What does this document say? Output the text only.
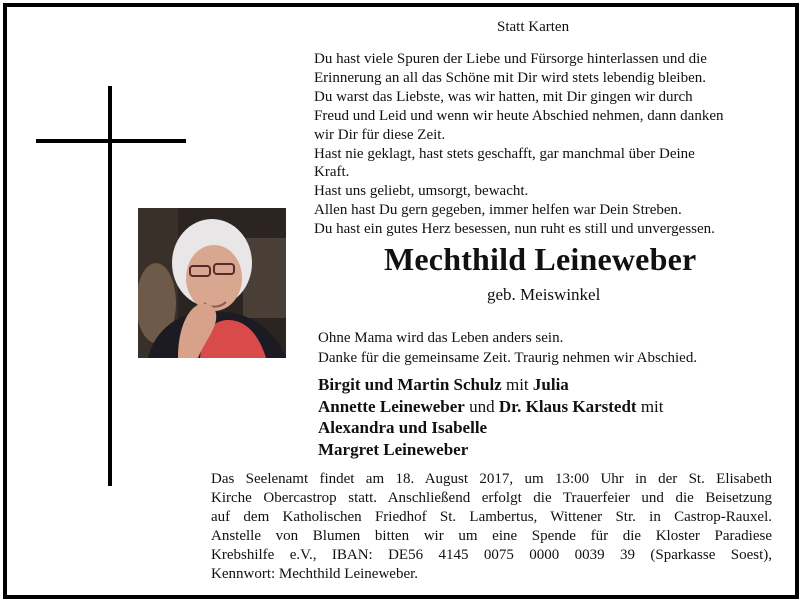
Statt Karten
Du hast viele Spuren der Liebe und Fürsorge hinterlassen und die
Erinnerung an all das Schöne mit Dir wird stets lebendig bleiben.
Du warst das Liebste, was wir hatten, mit Dir gingen wir durch
Freud und Leid und wenn wir heute Abschied nehmen, dann danken
wir Dir für diese Zeit.
Hast nie geklagt, hast stets geschafft, gar manchmal über Deine
Kraft.
Hast uns geliebt, umsorgt, bewacht.
Allen hast Du gern gegeben, immer helfen war Dein Streben.
Du hast ein gutes Herz besessen, nun ruht es still und unvergessen.
Mechthild Leineweber
geb. Meiswinkel
Ohne Mama wird das Leben anders sein.
Danke für die gemeinsame Zeit. Traurig nehmen wir Abschied.
Birgit und Martin Schulz mit Julia
Annette Leineweber und Dr. Klaus Karstedt mit
Alexandra und Isabelle
Margret Leineweber
Das Seelenamt findet am 18. August 2017, um 13:00 Uhr in der St. Elisabeth
Kirche Obercastrop statt. Anschließend erfolgt die Trauerfeier und die Beisetzung
auf dem Katholischen Friedhof St. Lambertus, Wittener Str. in Castrop-Rauxel.
Anstelle von Blumen bitten wir um eine Spende für die Kloster Paradiese
Krebshilfe e.V., IBAN: DE56 4145 0075 0000 0039 39 (Sparkasse Soest),
Kennwort: Mechthild Leineweber.
